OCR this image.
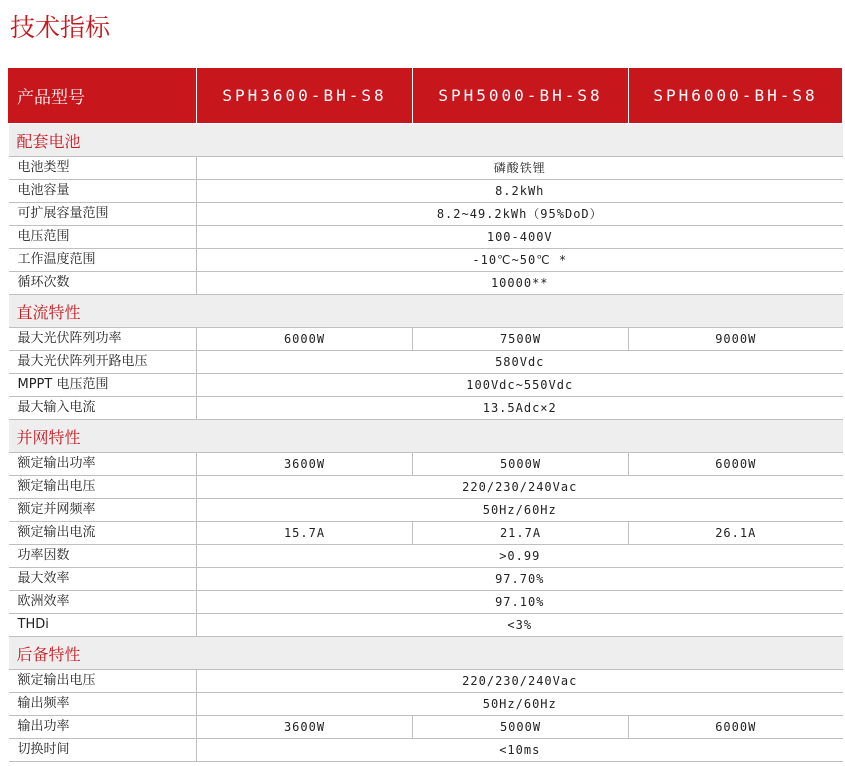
技术指标
产品型号	SPH3600-BH-S8	SPH5000-BH-S8	SPH6000-BH-S8
配套电池			
电池类型	磷酸铁锂		
电池容量	8.2kWh		
可扩展容量范围	8.2~49.2kWh（95%DoD）		
电压范围	100-400V		
工作温度范围	-10℃~50℃ *		
循环次数	10000**		
直流特性			
最大光伏阵列功率	6000W	7500W	9000W
最大光伏阵列开路电压	580Vdc		
MPPT 电压范围	100Vdc~550Vdc		
最大输入电流	13.5Adc×2		
并网特性			
额定输出功率	3600W	5000W	6000W
额定输出电压	220/230/240Vac		
额定并网频率	50Hz/60Hz		
额定输出电流	15.7A	21.7A	26.1A
功率因数	>0.99		
最大效率	97.70%		
欧洲效率	97.10%		
THDi	<3%		
后备特性			
额定输出电压	220/230/240Vac		
输出频率	50Hz/60Hz		
输出功率	3600W	5000W	6000W
切换时间	<10ms		
